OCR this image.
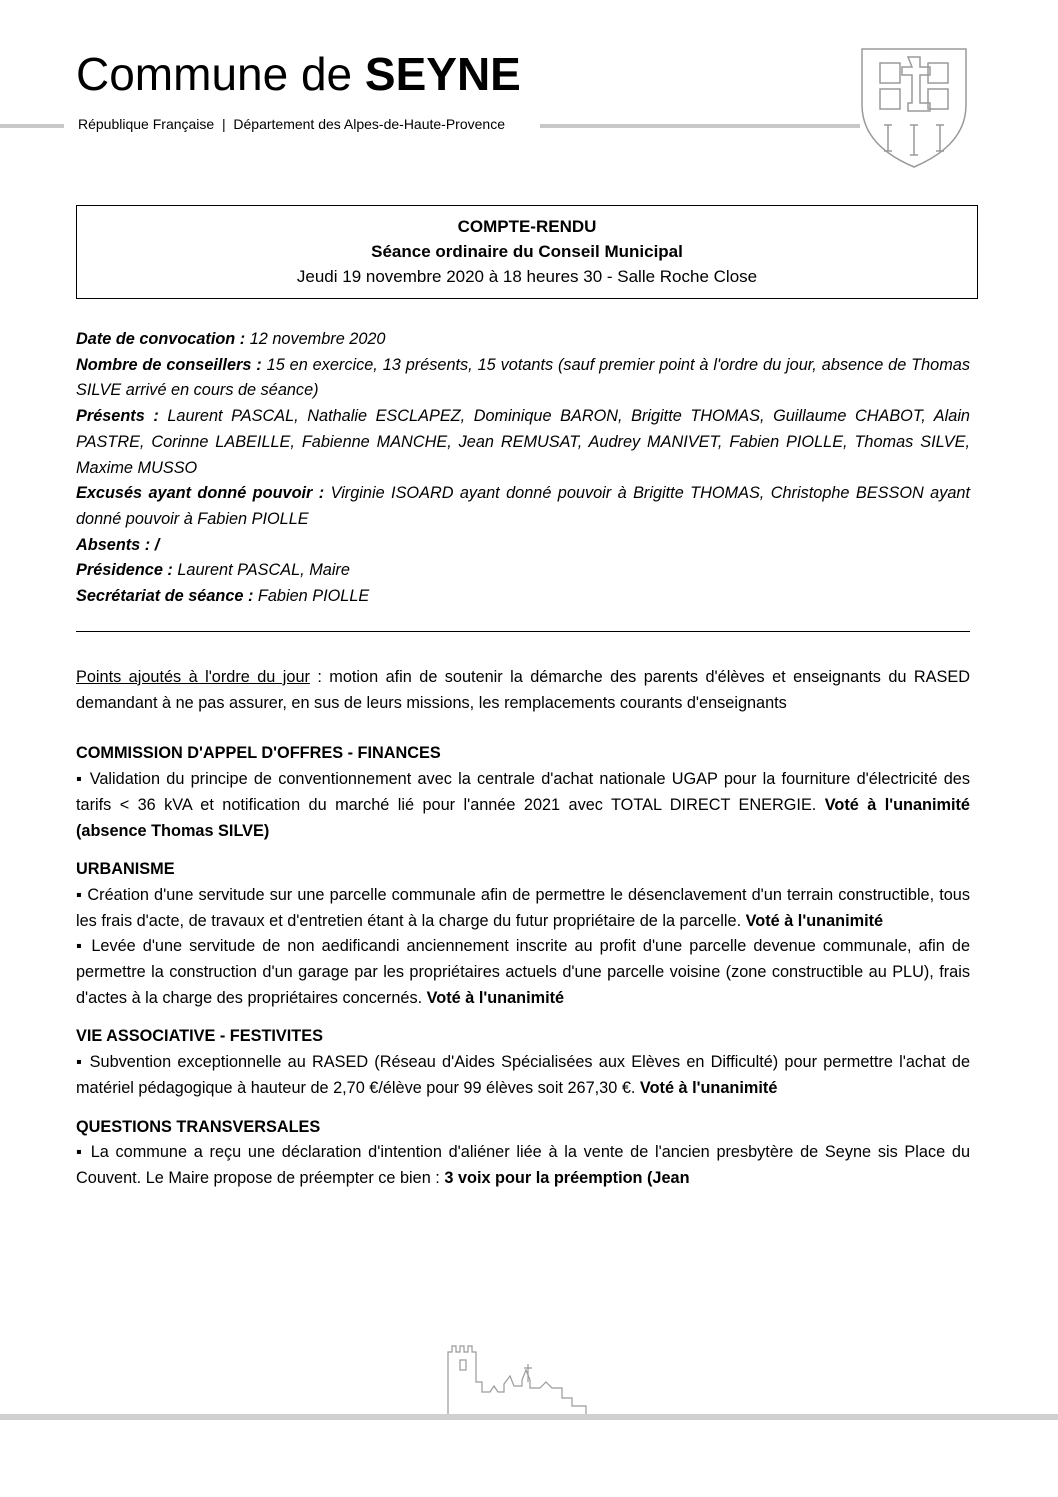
Commune de SEYNE
République Française  |  Département des Alpes-de-Haute-Provence
COMPTE-RENDU
Séance ordinaire du Conseil Municipal
Jeudi 19 novembre 2020 à 18 heures 30 - Salle Roche Close

Date de convocation : 12 novembre 2020

Nombre de conseillers : 15 en exercice, 13 présents, 15 votants (sauf premier point à l'ordre du jour, absence de Thomas SILVE arrivé en cours de séance)

Présents : Laurent PASCAL, Nathalie ESCLAPEZ, Dominique BARON, Brigitte THOMAS, Guillaume CHABOT, Alain PASTRE, Corinne LABEILLE, Fabienne MANCHE, Jean REMUSAT, Audrey MANIVET, Fabien PIOLLE, Thomas SILVE, Maxime MUSSO

Excusés ayant donné pouvoir : Virginie ISOARD ayant donné pouvoir à Brigitte THOMAS, Christophe BESSON ayant donné pouvoir à Fabien PIOLLE

Absents : /

Présidence : Laurent PASCAL, Maire

Secrétariat de séance : Fabien PIOLLE

Points ajoutés à l'ordre du jour : motion afin de soutenir la démarche des parents d'élèves et enseignants du RASED demandant à ne pas assurer, en sus de leurs missions, les remplacements courants d'enseignants

COMMISSION D'APPEL D'OFFRES - FINANCES

▪ Validation du principe de conventionnement avec la centrale d'achat nationale UGAP pour la fourniture d'électricité des tarifs < 36 kVA et notification du marché lié pour l'année 2021 avec TOTAL DIRECT ENERGIE. Voté à l'unanimité (absence Thomas SILVE)

URBANISME

▪ Création d'une servitude sur une parcelle communale afin de permettre le désenclavement d'un terrain constructible, tous les frais d'acte, de travaux et d'entretien étant à la charge du futur propriétaire de la parcelle. Voté à l'unanimité

▪ Levée d'une servitude de non aedificandi anciennement inscrite au profit d'une parcelle devenue communale, afin de permettre la construction d'un garage par les propriétaires actuels d'une parcelle voisine (zone constructible au PLU), frais d'actes à la charge des propriétaires concernés. Voté à l'unanimité

VIE ASSOCIATIVE - FESTIVITES

▪ Subvention exceptionnelle au RASED (Réseau d'Aides Spécialisées aux Elèves en Difficulté) pour permettre l'achat de matériel pédagogique à hauteur de 2,70 €/élève pour 99 élèves soit 267,30 €. Voté à l'unanimité

QUESTIONS TRANSVERSALES

▪ La commune a reçu une déclaration d'intention d'aliéner liée à la vente de l'ancien presbytère de Seyne sis Place du Couvent. Le Maire propose de préempter ce bien : 3 voix pour la préemption (Jean
